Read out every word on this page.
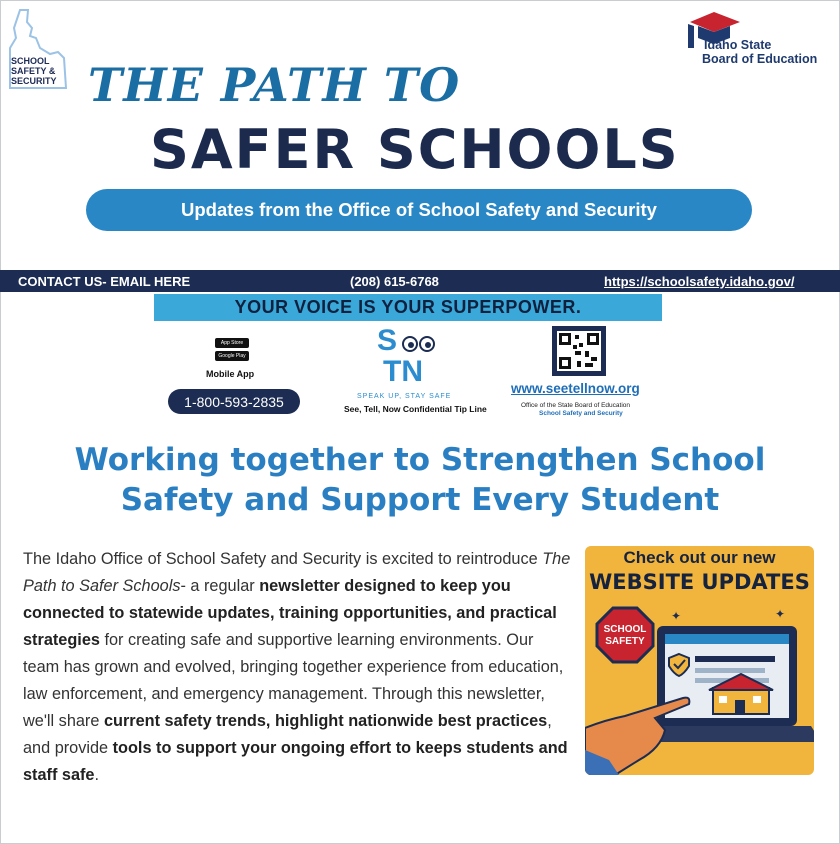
SCHOOL
SAFETY &
SECURITY
Idaho State
Board of Education
THE PATH TO
SAFER SCHOOLS
Updates from the Office of School Safety and Security
CONTACT US- EMAIL HERE	(208) 615-6768	https://schoolsafety.idaho.gov/
YOUR VOICE IS YOUR SUPERPOWER.
App Store
Google Play
Mobile App
1-800-593-2835
S
TN
SPEAK UP, STAY SAFE
See, Tell, Now Confidential Tip Line
www.seetellnow.org
Office of the State Board of Education
School Safety and Security
Working together to Strengthen School Safety and Support Every Student
The Idaho Office of School Safety and Security is excited to reintroduce The Path to Safer Schools- a regular newsletter designed to keep you connected to statewide updates, training opportunities, and practical strategies for creating safe and supportive learning environments. Our team has grown and evolved, bringing together experience from education, law enforcement, and emergency management. Through this newsletter, we'll share current safety trends, highlight nationwide best practices, and provide tools to support your ongoing effort to keeps students and staff safe.
Check out our new
WEBSITE UPDATES
SCHOOL
SAFETY
✦	✦
